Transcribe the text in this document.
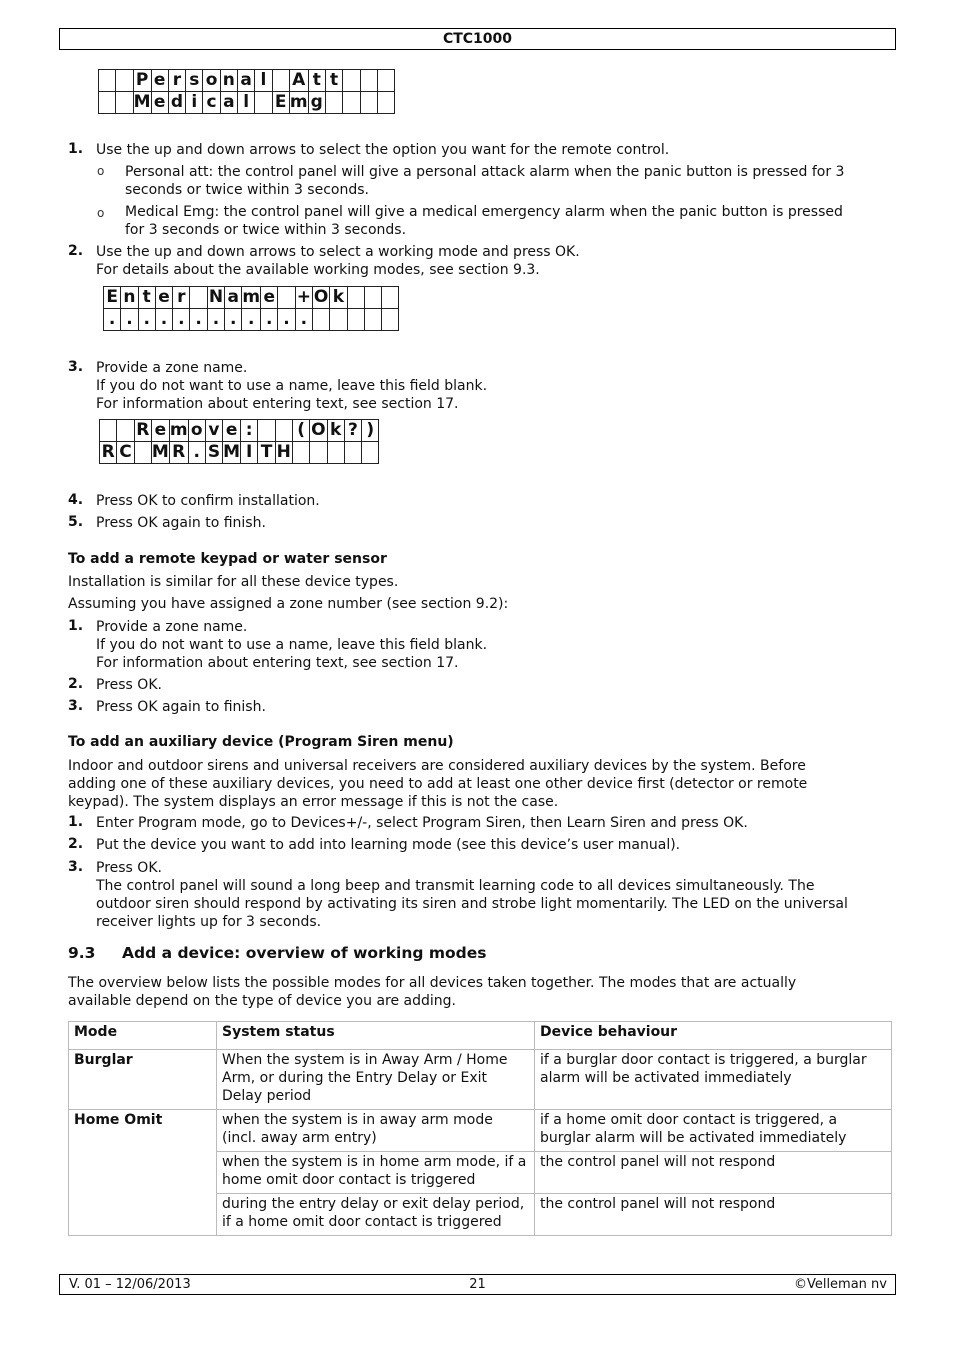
CTC1000
		P	e	r	s	o	n	a	l		A	t	t			
		M	e	d	i	c	a	l		E	m	g				
1. Use the up and down arrows to select the option you want for the remote control.
o Personal att: the control panel will give a personal attack alarm when the panic button is pressed for 3
seconds or twice within 3 seconds.
o Medical Emg: the control panel will give a medical emergency alarm when the panic button is pressed
for 3 seconds or twice within 3 seconds.
2. Use the up and down arrows to select a working mode and press OK.
For details about the available working modes, see section 9.3.
E	n	t	e	r		N	a	m	e		+	O	k			
.	.	.	.	.	.	.	.	.	.	.	.					
3. Provide a zone name.
If you do not want to use a name, leave this field blank.
For information about entering text, see section 17.
		R	e	m	o	v	e	:			(	O	k	?	)
R	C		M	R	.	S	M	I	T	H					
4. Press OK to confirm installation.
5. Press OK again to finish.
To add a remote keypad or water sensor
Installation is similar for all these device types.
Assuming you have assigned a zone number (see section 9.2):
1. Provide a zone name.
If you do not want to use a name, leave this field blank.
For information about entering text, see section 17.
2. Press OK.
3. Press OK again to finish.
To add an auxiliary device (Program Siren menu)
Indoor and outdoor sirens and universal receivers are considered auxiliary devices by the system. Before
adding one of these auxiliary devices, you need to add at least one other device first (detector or remote
keypad). The system displays an error message if this is not the case.
1. Enter Program mode, go to Devices+/-, select Program Siren, then Learn Siren and press OK.
2. Put the device you want to add into learning mode (see this device’s user manual).
3. Press OK.
The control panel will sound a long beep and transmit learning code to all devices simultaneously. The
outdoor siren should respond by activating its siren and strobe light momentarily. The LED on the universal
receiver lights up for 3 seconds.
9.3 Add a device: overview of working modes
The overview below lists the possible modes for all devices taken together. The modes that are actually
available depend on the type of device you are adding.
Mode	System status	Device behaviour
Burglar	When the system is in Away Arm / Home Arm, or during the Entry Delay or Exit Delay period	if a burglar door contact is triggered, a burglar alarm will be activated immediately
Home Omit	when the system is in away arm mode (incl. away arm entry)	if a home omit door contact is triggered, a burglar alarm will be activated immediately
	when the system is in home arm mode, if a home omit door contact is triggered	the control panel will not respond
	during the entry delay or exit delay period, if a home omit door contact is triggered	the control panel will not respond
V. 01 – 12/06/2013	21	©Velleman nv
